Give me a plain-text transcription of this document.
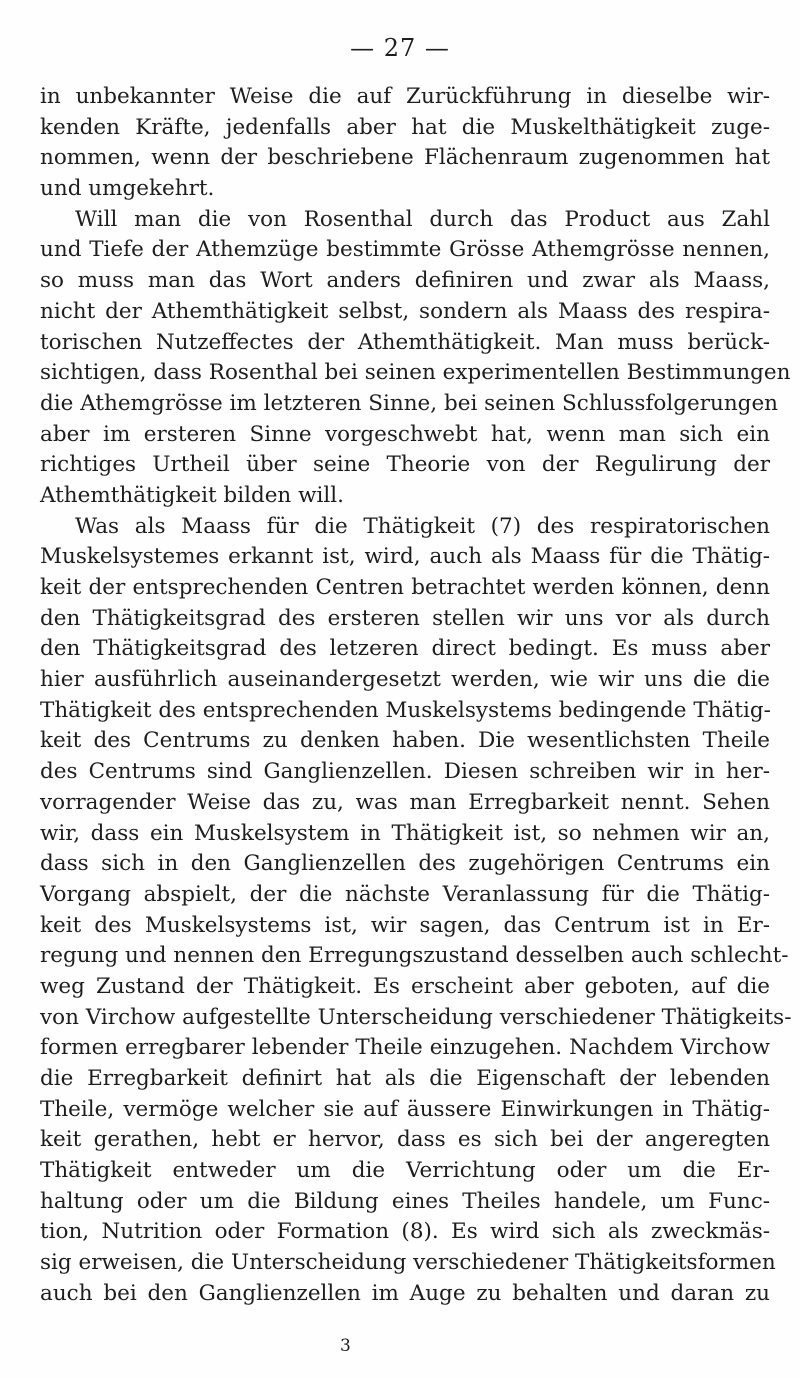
— 27 —
in unbekannter Weise die auf Zurückführung in dieselbe wir-
kenden Kräfte, jedenfalls aber hat die Muskelthätigkeit zuge-
nommen, wenn der beschriebene Flächenraum zugenommen hat
und umgekehrt.
Will man die von Rosenthal durch das Product aus Zahl
und Tiefe der Athemzüge bestimmte Grösse Athemgrösse nennen,
so muss man das Wort anders definiren und zwar als Maass,
nicht der Athemthätigkeit selbst, sondern als Maass des respira-
torischen Nutzeffectes der Athemthätigkeit. Man muss berück-
sichtigen, dass Rosenthal bei seinen experimentellen Bestimmungen
die Athemgrösse im letzteren Sinne, bei seinen Schlussfolgerungen
aber im ersteren Sinne vorgeschwebt hat, wenn man sich ein
richtiges Urtheil über seine Theorie von der Regulirung der
Athemthätigkeit bilden will.
Was als Maass für die Thätigkeit (7) des respiratorischen
Muskelsystemes erkannt ist, wird, auch als Maass für die Thätig-
keit der entsprechenden Centren betrachtet werden können, denn
den Thätigkeitsgrad des ersteren stellen wir uns vor als durch
den Thätigkeitsgrad des letzeren direct bedingt. Es muss aber
hier ausführlich auseinandergesetzt werden, wie wir uns die die
Thätigkeit des entsprechenden Muskelsystems bedingende Thätig-
keit des Centrums zu denken haben. Die wesentlichsten Theile
des Centrums sind Ganglienzellen. Diesen schreiben wir in her-
vorragender Weise das zu, was man Erregbarkeit nennt. Sehen
wir, dass ein Muskelsystem in Thätigkeit ist, so nehmen wir an,
dass sich in den Ganglienzellen des zugehörigen Centrums ein
Vorgang abspielt, der die nächste Veranlassung für die Thätig-
keit des Muskelsystems ist, wir sagen, das Centrum ist in Er-
regung und nennen den Erregungszustand desselben auch schlecht-
weg Zustand der Thätigkeit. Es erscheint aber geboten, auf die
von Virchow aufgestellte Unterscheidung verschiedener Thätigkeits-
formen erregbarer lebender Theile einzugehen. Nachdem Virchow
die Erregbarkeit definirt hat als die Eigenschaft der lebenden
Theile, vermöge welcher sie auf äussere Einwirkungen in Thätig-
keit gerathen, hebt er hervor, dass es sich bei der angeregten
Thätigkeit entweder um die Verrichtung oder um die Er-
haltung oder um die Bildung eines Theiles handele, um Func-
tion, Nutrition oder Formation (8). Es wird sich als zweckmäs-
sig erweisen, die Unterscheidung verschiedener Thätigkeitsformen
auch bei den Ganglienzellen im Auge zu behalten und daran zu
3
